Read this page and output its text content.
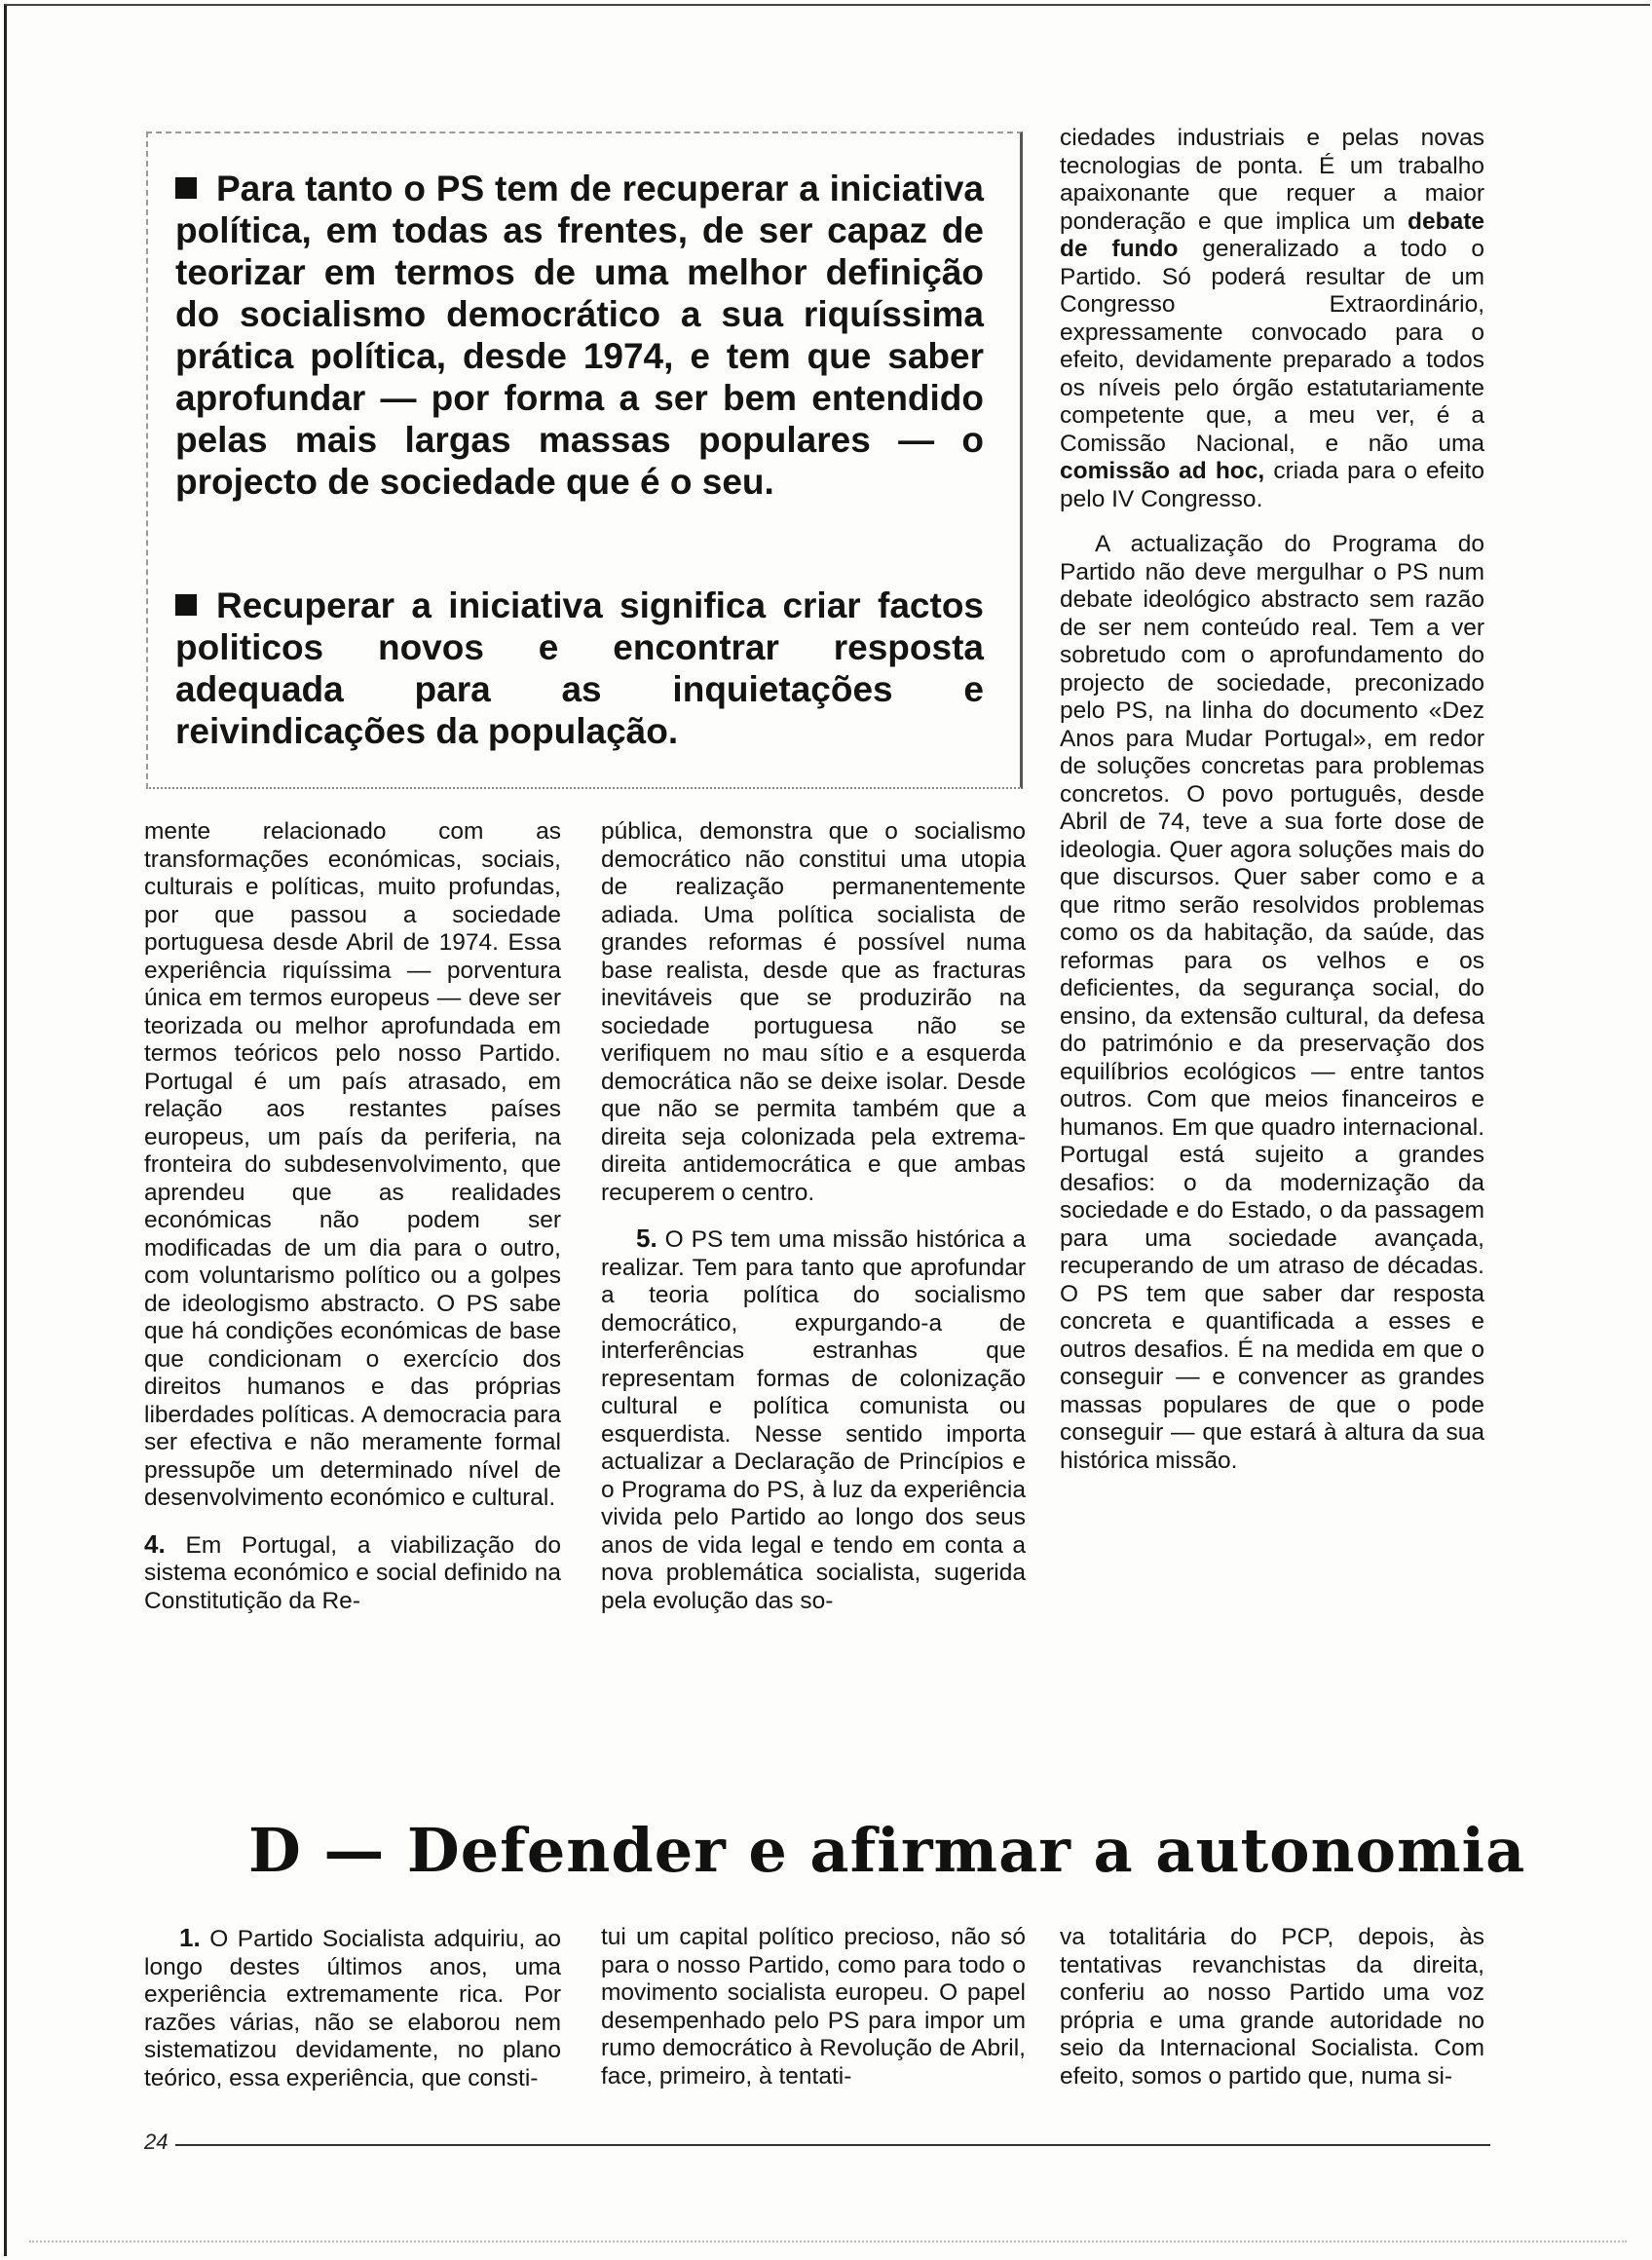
Para tanto o PS tem de recuperar a iniciativa política, em todas as frentes, de ser capaz de teorizar em termos de uma melhor definição do socialismo democrático a sua riquíssima prática política, desde 1974, e tem que saber aprofundar — por forma a ser bem entendido pelas mais largas massas populares — o projecto de sociedade que é o seu.

Recuperar a iniciativa significa criar factos politicos novos e encontrar resposta adequada para as inquietações e reivindicações da população.

mente relacionado com as transformações económicas, sociais, culturais e políticas, muito profundas, por que passou a sociedade portuguesa desde Abril de 1974. Essa experiência riquíssima — porventura única em termos europeus — deve ser teorizada ou melhor aprofundada em termos teóricos pelo nosso Partido. Portugal é um país atrasado, em relação aos restantes países europeus, um país da periferia, na fronteira do subdesenvolvimento, que aprendeu que as realidades económicas não podem ser modificadas de um dia para o outro, com voluntarismo político ou a golpes de ideologismo abstracto. O PS sabe que há condições económicas de base que condicionam o exercício dos direitos humanos e das próprias liberdades políticas. A democracia para ser efectiva e não meramente formal pressupõe um determinado nível de desenvolvimento económico e cultural.

4. Em Portugal, a viabilização do sistema económico e social definido na Constitutição da Re-

pública, demonstra que o socialismo democrático não constitui uma utopia de realização permanentemente adiada. Uma política socialista de grandes reformas é possível numa base realista, desde que as fracturas inevitáveis que se produzirão na sociedade portuguesa não se verifiquem no mau sítio e a esquerda democrática não se deixe isolar. Desde que não se permita também que a direita seja colonizada pela extrema-direita antidemocrática e que ambas recuperem o centro.

5. O PS tem uma missão histórica a realizar. Tem para tanto que aprofundar a teoria política do socialismo democrático, expurgando-a de interferências estranhas que representam formas de colonização cultural e política comunista ou esquerdista. Nesse sentido importa actualizar a Declaração de Princípios e o Programa do PS, à luz da experiência vivida pelo Partido ao longo dos seus anos de vida legal e tendo em conta a nova problemática socialista, sugerida pela evolução das so-

ciedades industriais e pelas novas tecnologias de ponta. É um trabalho apaixonante que requer a maior ponderação e que implica um debate de fundo generalizado a todo o Partido. Só poderá resultar de um Congresso Extraordinário, expressamente convocado para o efeito, devidamente preparado a todos os níveis pelo órgão estatutariamente competente que, a meu ver, é a Comissão Nacional, e não uma comissão ad hoc, criada para o efeito pelo IV Congresso.

A actualização do Programa do Partido não deve mergulhar o PS num debate ideológico abstracto sem razão de ser nem conteúdo real. Tem a ver sobretudo com o aprofundamento do projecto de sociedade, preconizado pelo PS, na linha do documento «Dez Anos para Mudar Portugal», em redor de soluções concretas para problemas concretos. O povo português, desde Abril de 74, teve a sua forte dose de ideologia. Quer agora soluções mais do que discursos. Quer saber como e a que ritmo serão resolvidos problemas como os da habitação, da saúde, das reformas para os velhos e os deficientes, da segurança social, do ensino, da extensão cultural, da defesa do património e da preservação dos equilíbrios ecológicos — entre tantos outros. Com que meios financeiros e humanos. Em que quadro internacional. Portugal está sujeito a grandes desafios: o da modernização da sociedade e do Estado, o da passagem para uma sociedade avançada, recuperando de um atraso de décadas. O PS tem que saber dar resposta concreta e quantificada a esses e outros desafios. É na medida em que o conseguir — e convencer as grandes massas populares de que o pode conseguir — que estará à altura da sua histórica missão.

D — Defender e afirmar a autonomia

1. O Partido Socialista adquiriu, ao longo destes últimos anos, uma experiência extremamente rica. Por razões várias, não se elaborou nem sistematizou devidamente, no plano teórico, essa experiência, que consti-

tui um capital político precioso, não só para o nosso Partido, como para todo o movimento socialista europeu. O papel desempenhado pelo PS para impor um rumo democrático à Revolução de Abril, face, primeiro, à tentati-

va totalitária do PCP, depois, às tentativas revanchistas da direita, conferiu ao nosso Partido uma voz própria e uma grande autoridade no seio da Internacional Socialista. Com efeito, somos o partido que, numa si-

24
